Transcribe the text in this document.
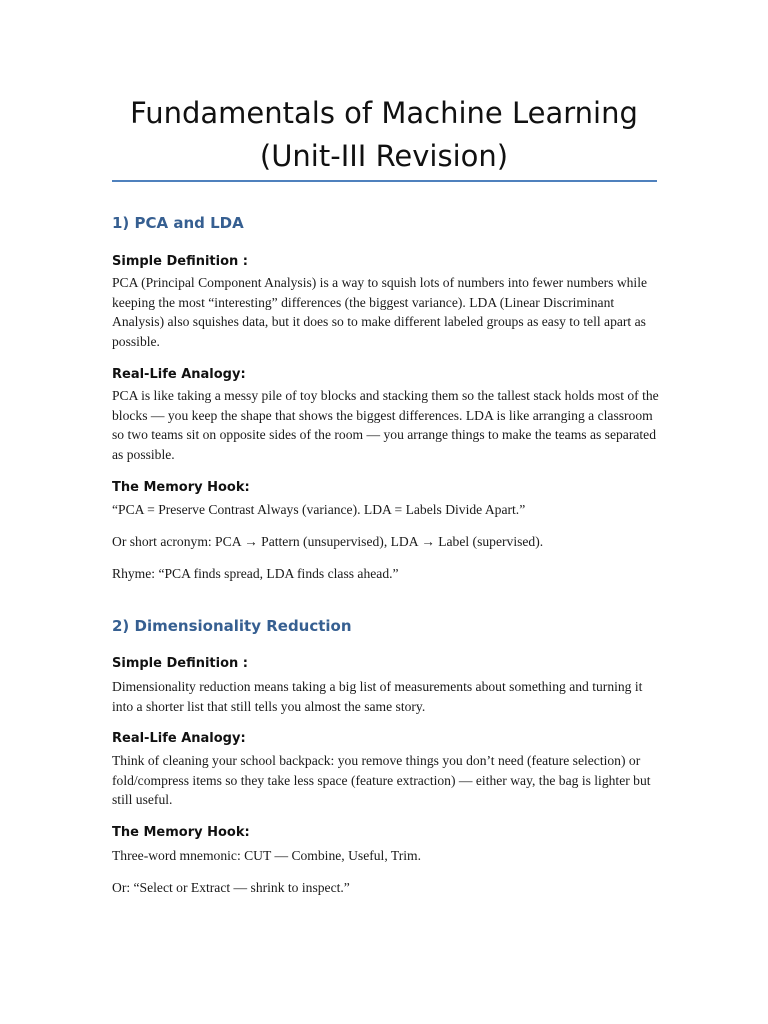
Fundamentals of Machine Learning
(Unit-III Revision)
1) PCA and LDA
Simple Definition :

PCA (Principal Component Analysis) is a way to squish lots of numbers into fewer numbers while keeping the most “interesting” differences (the biggest variance). LDA (Linear Discriminant Analysis) also squishes data, but it does so to make different labeled groups as easy to tell apart as possible.

Real-Life Analogy:

PCA is like taking a messy pile of toy blocks and stacking them so the tallest stack holds most of the blocks — you keep the shape that shows the biggest differences. LDA is like arranging a classroom so two teams sit on opposite sides of the room — you arrange things to make the teams as separated as possible.

The Memory Hook:

“PCA = Preserve Contrast Always (variance). LDA = Labels Divide Apart.”

Or short acronym: PCA → Pattern (unsupervised), LDA → Label (supervised).

Rhyme: “PCA finds spread, LDA finds class ahead.”

2) Dimensionality Reduction
Simple Definition :

Dimensionality reduction means taking a big list of measurements about something and turning it into a shorter list that still tells you almost the same story.

Real-Life Analogy:

Think of cleaning your school backpack: you remove things you don’t need (feature selection) or fold/compress items so they take less space (feature extraction) — either way, the bag is lighter but still useful.

The Memory Hook:

Three-word mnemonic: CUT — Combine, Useful, Trim.

Or: “Select or Extract — shrink to inspect.”
